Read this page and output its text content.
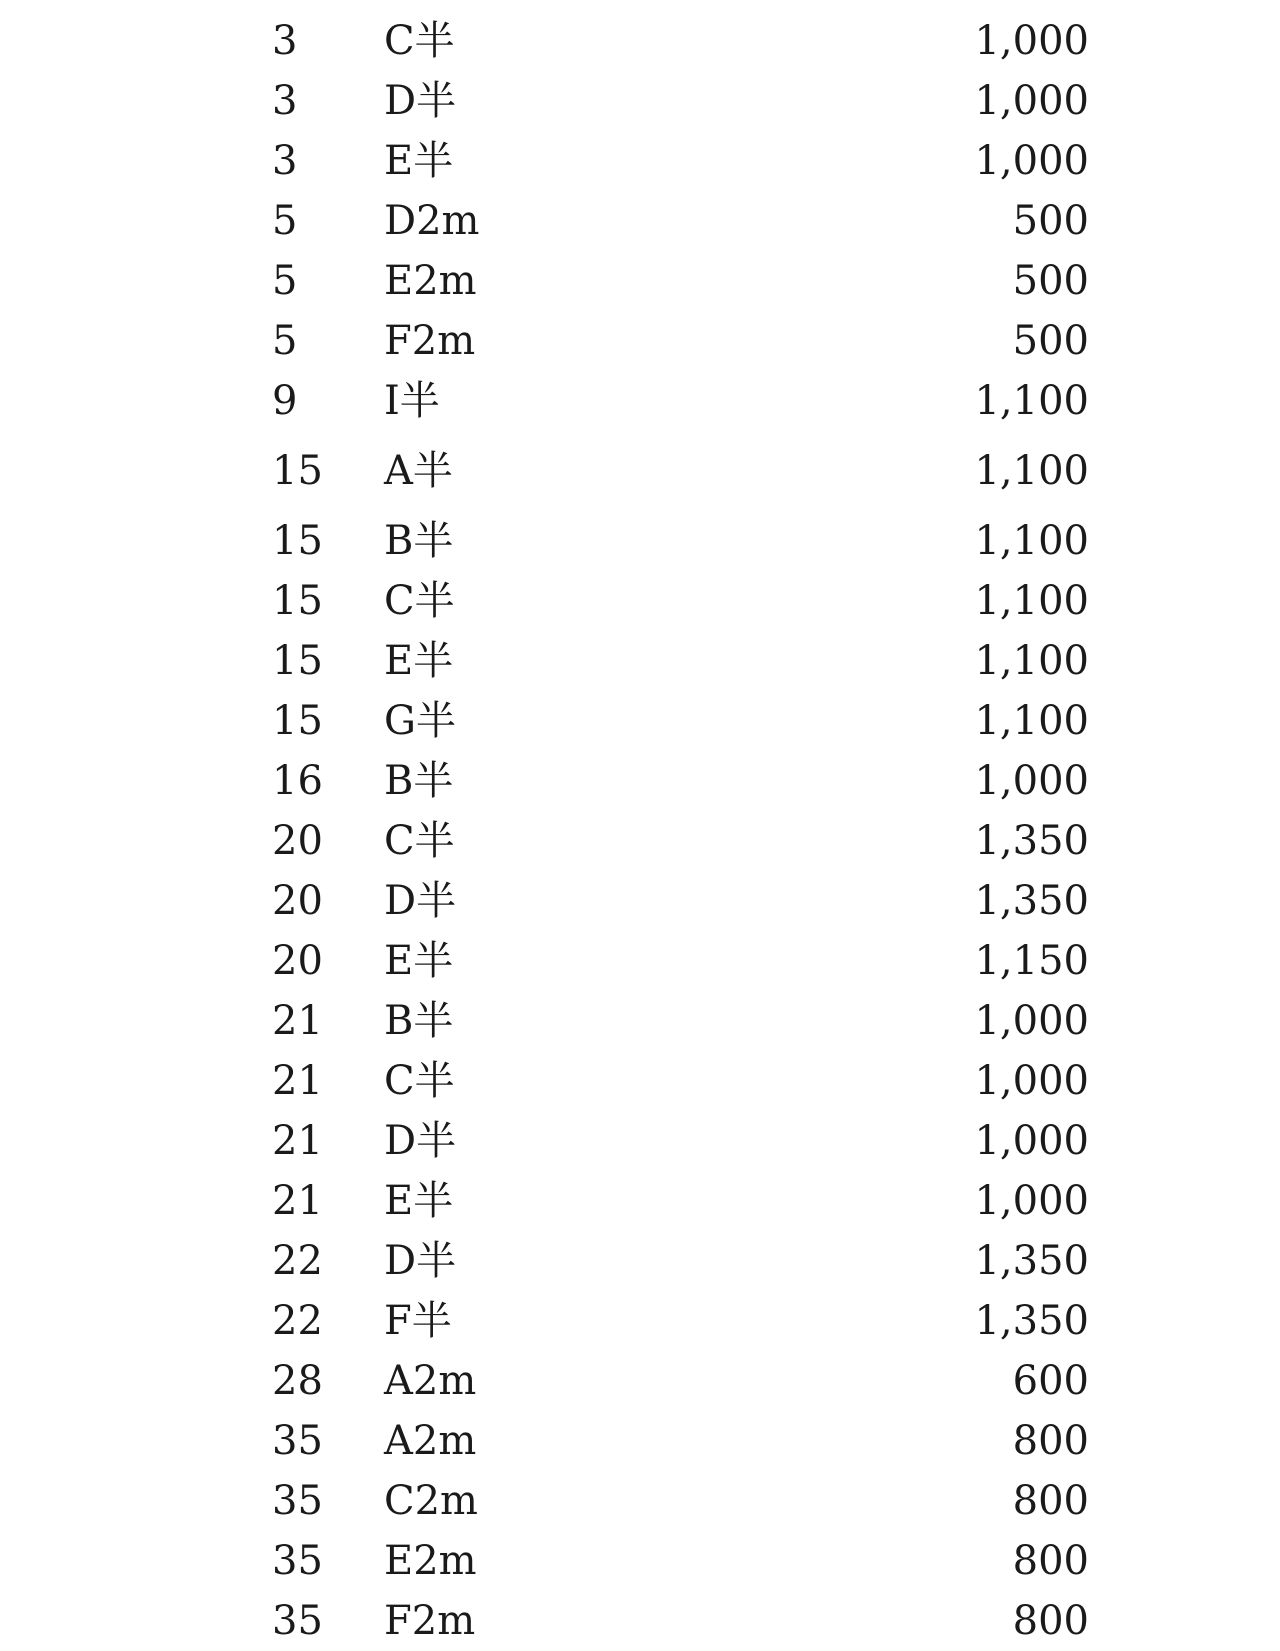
3 C半	1,000
3 D半	1,000
3 E半	1,000
5 D2m	500
5 E2m	500
5 F2m	500
9 I半	1,100
15 A半	1,100
15 B半	1,100
15 C半	1,100
15 E半	1,100
15 G半	1,100
16 B半	1,000
20 C半	1,350
20 D半	1,350
20 E半	1,150
21 B半	1,000
21 C半	1,000
21 D半	1,000
21 E半	1,000
22 D半	1,350
22 F半	1,350
28 A2m	600
35 A2m	800
35 C2m	800
35 E2m	800
35 F2m	800
